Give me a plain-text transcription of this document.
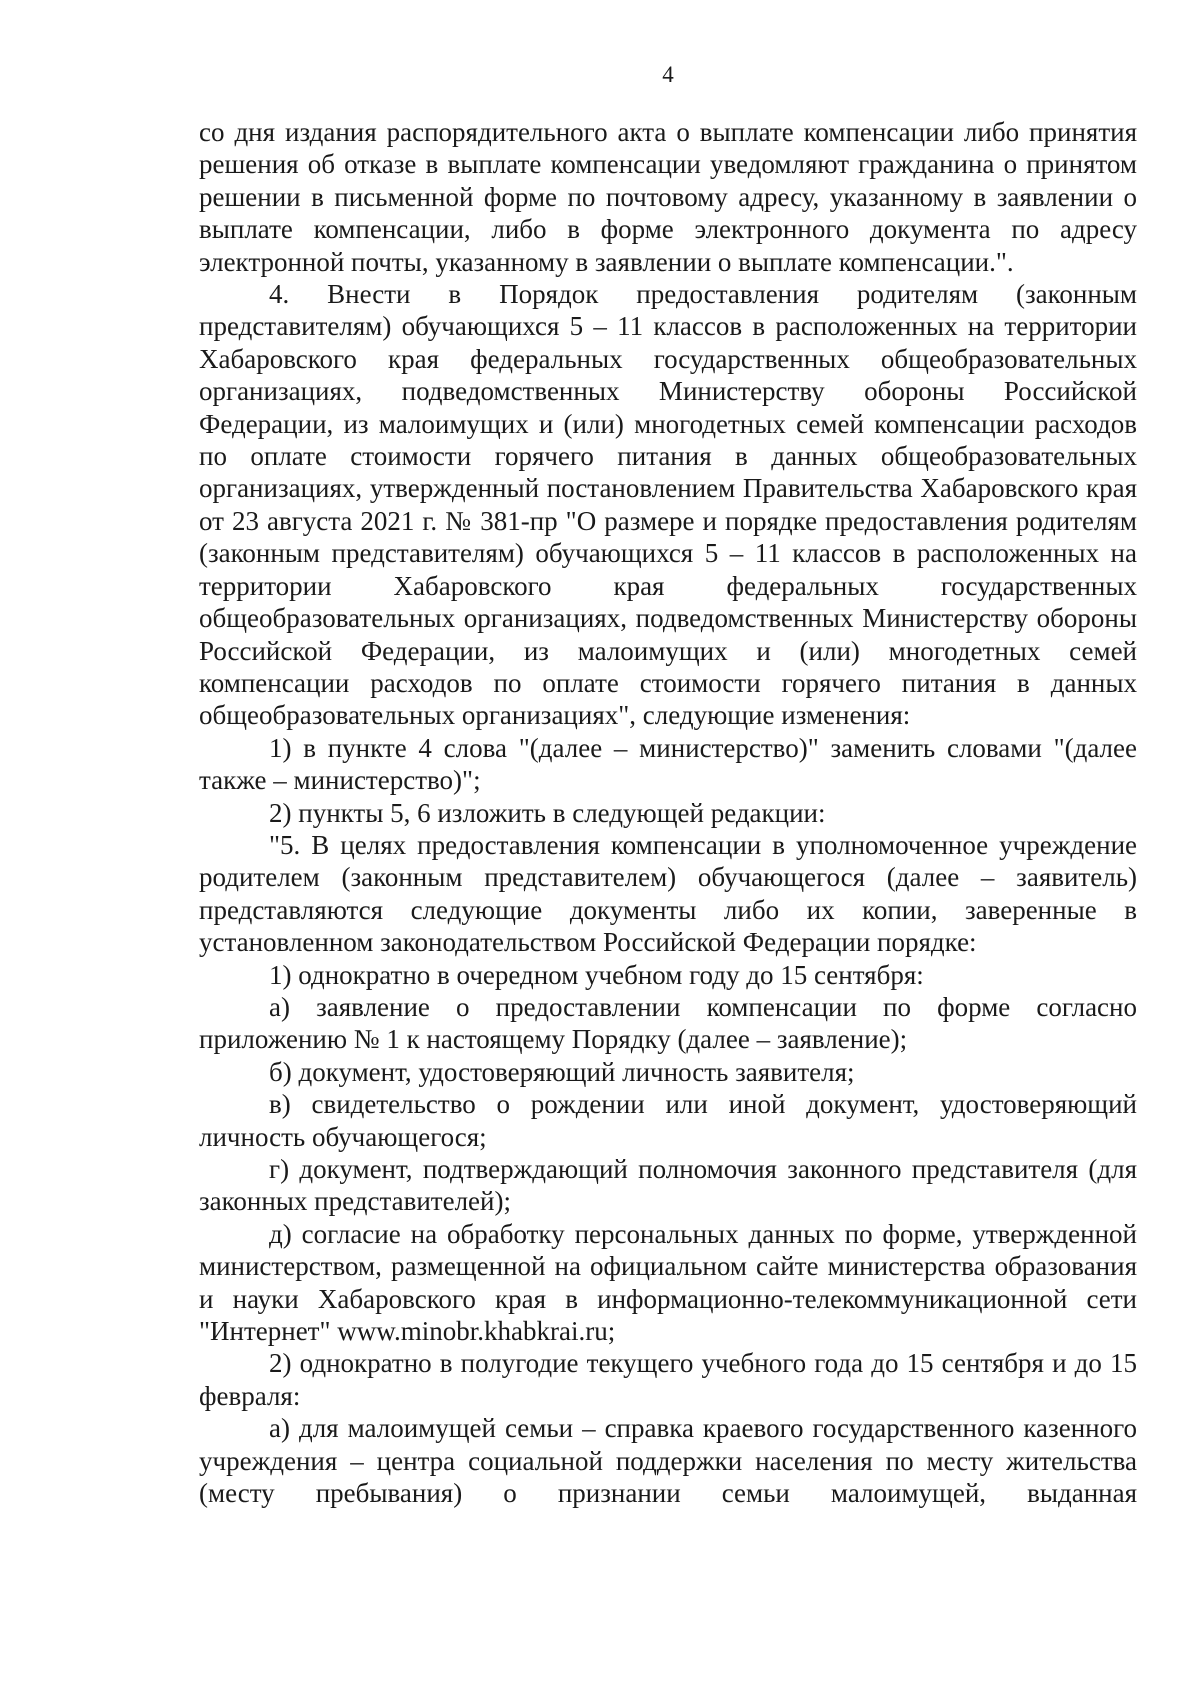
4

со дня издания распорядительного акта о выплате компенсации либо принятия решения об отказе в выплате компенсации уведомляют гражданина о принятом решении в письменной форме по почтовому адресу, указанному в заявлении о выплате компенсации, либо в форме электронного документа по адресу электронной почты, указанному в заявлении о выплате компенсации.".

4. Внести в Порядок предоставления родителям (законным представителям) обучающихся 5 – 11 классов в расположенных на территории Хабаровского края федеральных государственных общеобразовательных организациях, подведомственных Министерству обороны Российской Федерации, из малоимущих и (или) многодетных семей компенсации расходов по оплате стоимости горячего питания в данных общеобразовательных организациях, утвержденный постановлением Правительства Хабаровского края от 23 августа 2021 г. № 381-пр "О размере и порядке предоставления родителям (законным представителям) обучающихся 5 – 11 классов в расположенных на территории Хабаровского края федеральных государственных общеобразовательных организациях, подведомственных Министерству обороны Российской Федерации, из малоимущих и (или) многодетных семей компенсации расходов по оплате стоимости горячего питания в данных общеобразовательных организациях", следующие изменения:

1) в пункте 4 слова "(далее – министерство)" заменить словами "(далее также – министерство)";

2) пункты 5, 6 изложить в следующей редакции:

"5. В целях предоставления компенсации в уполномоченное учреждение родителем (законным представителем) обучающегося (далее – заявитель) представляются следующие документы либо их копии, заверенные в установленном законодательством Российской Федерации порядке:

1) однократно в очередном учебном году до 15 сентября:

а) заявление о предоставлении компенсации по форме согласно приложению № 1 к настоящему Порядку (далее – заявление);

б) документ, удостоверяющий личность заявителя;

в) свидетельство о рождении или иной документ, удостоверяющий личность обучающегося;

г) документ, подтверждающий полномочия законного представителя (для законных представителей);

д) согласие на обработку персональных данных по форме, утвержденной министерством, размещенной на официальном сайте министерства образования и науки Хабаровского края в информационно-телекоммуникационной сети "Интернет" www.minobr.khabkrai.ru;

2) однократно в полугодие текущего учебного года до 15 сентября и до 15 февраля:

а) для малоимущей семьи – справка краевого государственного казенного учреждения – центра социальной поддержки населения по месту жительства (месту пребывания) о признании семьи малоимущей, выданная
